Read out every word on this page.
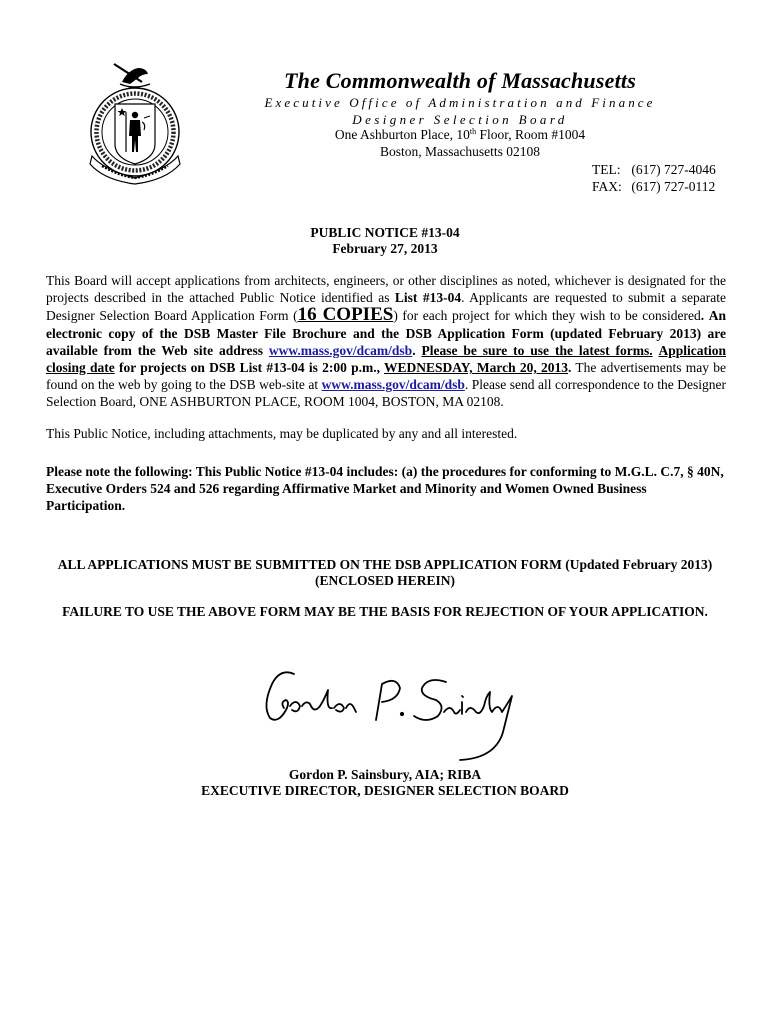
The Commonwealth of Massachusetts
Executive Office of Administration and Finance
Designer Selection Board
One Ashburton Place, 10th Floor, Room #1004
Boston, Massachusetts 02108
TEL: (617) 727-4046
FAX: (617) 727-0112
PUBLIC NOTICE #13-04
February 27, 2013
This Board will accept applications from architects, engineers, or other disciplines as noted, whichever is designated for the projects described in the attached Public Notice identified as List #13-04. Applicants are requested to submit a separate Designer Selection Board Application Form (16 COPIES) for each project for which they wish to be considered. An electronic copy of the DSB Master File Brochure and the DSB Application Form (updated February 2013) are available from the Web site address www.mass.gov/dcam/dsb. Please be sure to use the latest forms. Application closing date for projects on DSB List #13-04 is 2:00 p.m., WEDNESDAY, March 20, 2013. The advertisements may be found on the web by going to the DSB web-site at www.mass.gov/dcam/dsb. Please send all correspondence to the Designer Selection Board, ONE ASHBURTON PLACE, ROOM 1004, BOSTON, MA 02108.
This Public Notice, including attachments, may be duplicated by any and all interested.
Please note the following: This Public Notice #13-04 includes: (a) the procedures for conforming to M.G.L. C.7, § 40N, Executive Orders 524 and 526 regarding Affirmative Market and Minority and Women Owned Business Participation.
ALL APPLICATIONS MUST BE SUBMITTED ON THE DSB APPLICATION FORM (Updated February 2013)
(ENCLOSED HEREIN)
FAILURE TO USE THE ABOVE FORM MAY BE THE BASIS FOR REJECTION OF YOUR APPLICATION.
Gordon P. Sainsbury, AIA; RIBA
EXECUTIVE DIRECTOR, DESIGNER SELECTION BOARD
